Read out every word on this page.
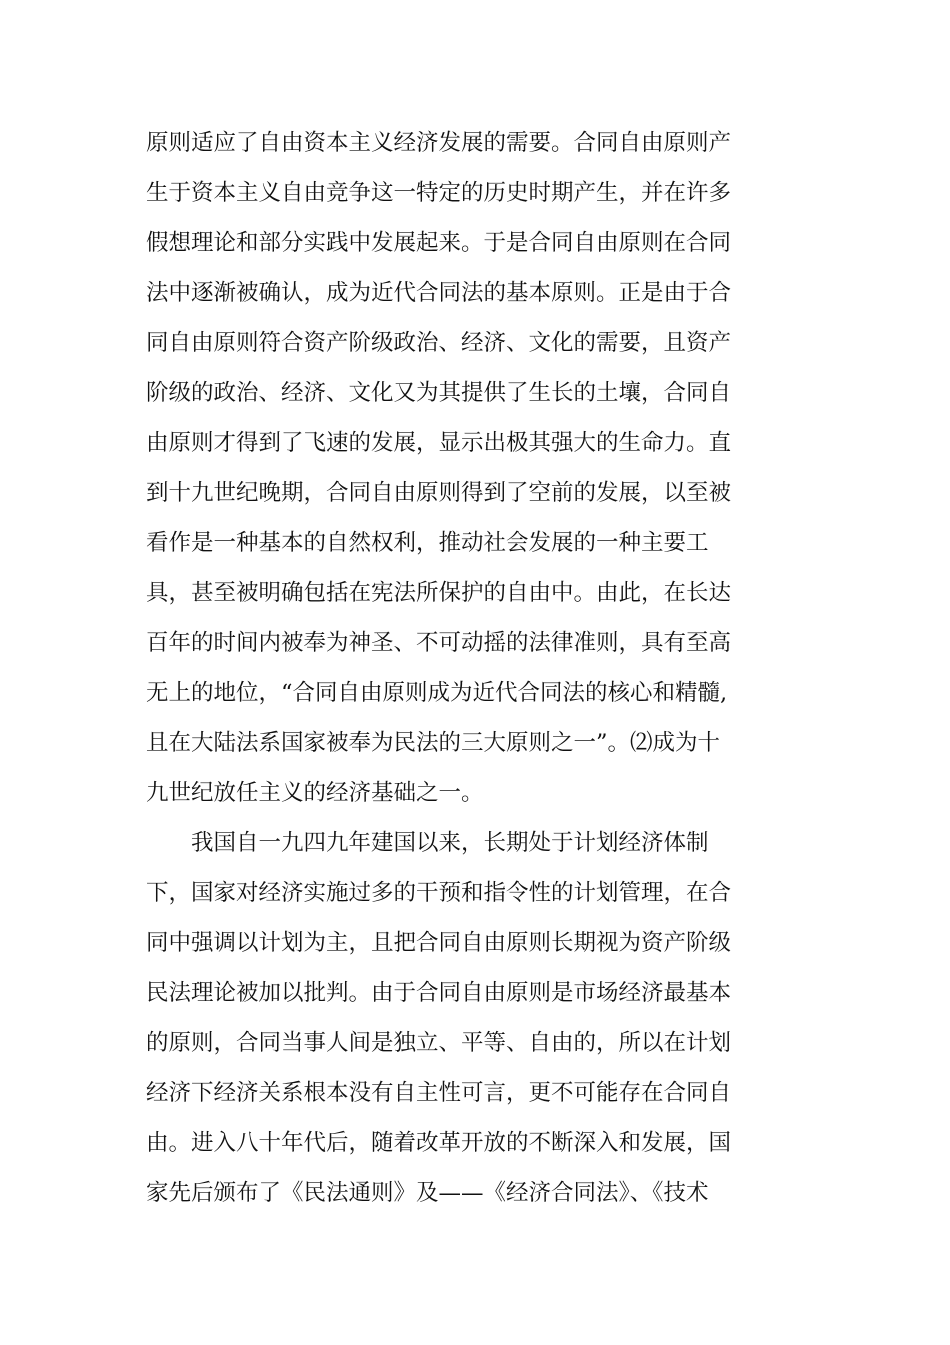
原则适应了自由资本主义经济发展的需要。合同自由原则产
生于资本主义自由竞争这一特定的历史时期产生，并在许多
假想理论和部分实践中发展起来。于是合同自由原则在合同
法中逐渐被确认，成为近代合同法的基本原则。正是由于合
同自由原则符合资产阶级政治、经济、文化的需要，且资产
阶级的政治、经济、文化又为其提供了生长的土壤，合同自
由原则才得到了飞速的发展，显示出极其强大的生命力。直
到十九世纪晚期，合同自由原则得到了空前的发展，以至被
看作是一种基本的自然权利，推动社会发展的一种主要工
具，甚至被明确包括在宪法所保护的自由中。由此，在长达
百年的时间内被奉为神圣、不可动摇的法律准则，具有至高
无上的地位，“合同自由原则成为近代合同法的核心和精髓,
且在大陆法系国家被奉为民法的三大原则之一”。⑵成为十
九世纪放任主义的经济基础之一。
　　我国自一九四九年建国以来，长期处于计划经济体制
下，国家对经济实施过多的干预和指令性的计划管理，在合
同中强调以计划为主，且把合同自由原则长期视为资产阶级
民法理论被加以批判。由于合同自由原则是市场经济最基本
的原则，合同当事人间是独立、平等、自由的，所以在计划
经济下经济关系根本没有自主性可言，更不可能存在合同自
由。进入八十年代后，随着改革开放的不断深入和发展，国
家先后颁布了《民法通则》及——《经济合同法》、《技术
